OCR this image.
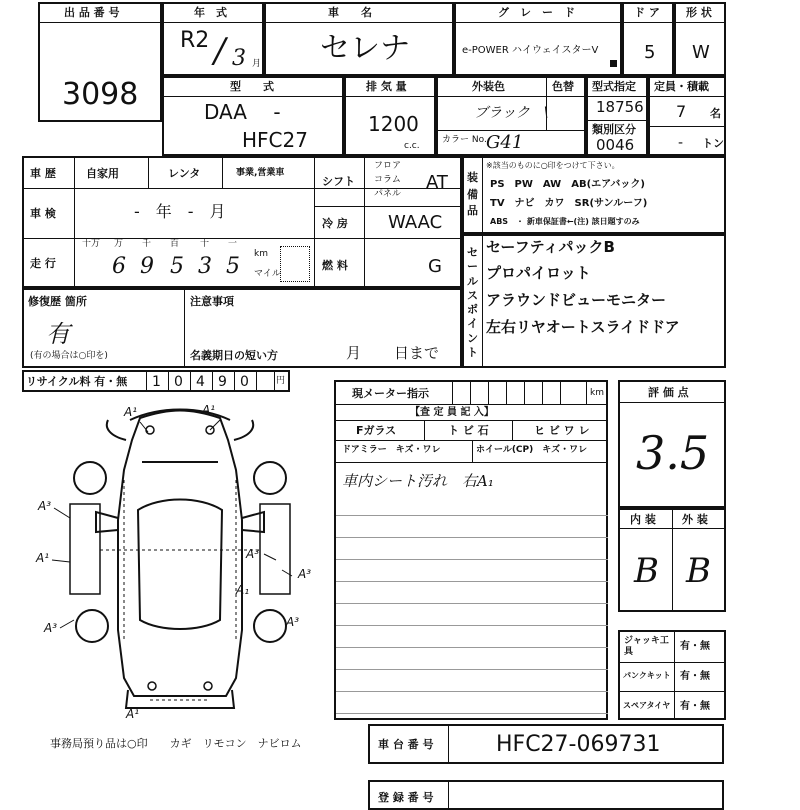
出 品 番 号
3098
年　式
R2 / 3 月
車　　名
セレナ
グ　レ　ー　ド
e-POWER ハイウェイスターV
ド ア
5
形 状
W
型　　式
DAA　 -
HFC27
排 気 量
1200
c.c.
外装色	色替
ブラック　\
カラー No. G41
型式指定
18756
類別区分
0046
定員・積載
7 名
- トン
車 歴	自家用	レンタ	事業,営業車
シフト
フロア
コラム
パネル
AT
車 検	-　年　-　月
冷 房 WAAC
走 行
十万 万 千 百 十 一
6 9 5 3 5 km
マイル
燃 料	G
装備品
※該当のものに○印をつけて下さい。
PS　PW　AW　AB(エアバック)
TV　ナビ　カワ　SR(サンルーフ)
ABS　・ 新車保証書←(注) 該日題すのみ
セールスポイント
セーフティパックB
プロパイロット
アラウンドビューモニター
左右リヤオートスライドドア
修復歴 箇所
有
(有の場合は○印を)
注意事項
名義期日の短い方	月 日まで
リサイクル料 有・無 1 0 4 9 0	円
A¹	A¹
A³
A¹
A³
A³
A₁
A³
A³
A¹
事務局預り品は○印　　カギ　リモコン　ナビロム
現メーター指示	km
【査 定 員 記 入】
Fガラス	ト ビ 石	ヒ ビ ワ レ
ドアミラー　キズ・ワレ	ホイール(CP)　キズ・ワレ
車内シート汚れ　右A₁
評 価 点
3.5
内 装 外 装
B B
ジャッキ工具	有・無
パンクキット 有・無
スペアタイヤ 有・無
車 台 番 号	HFC27-069731
登 録 番 号
